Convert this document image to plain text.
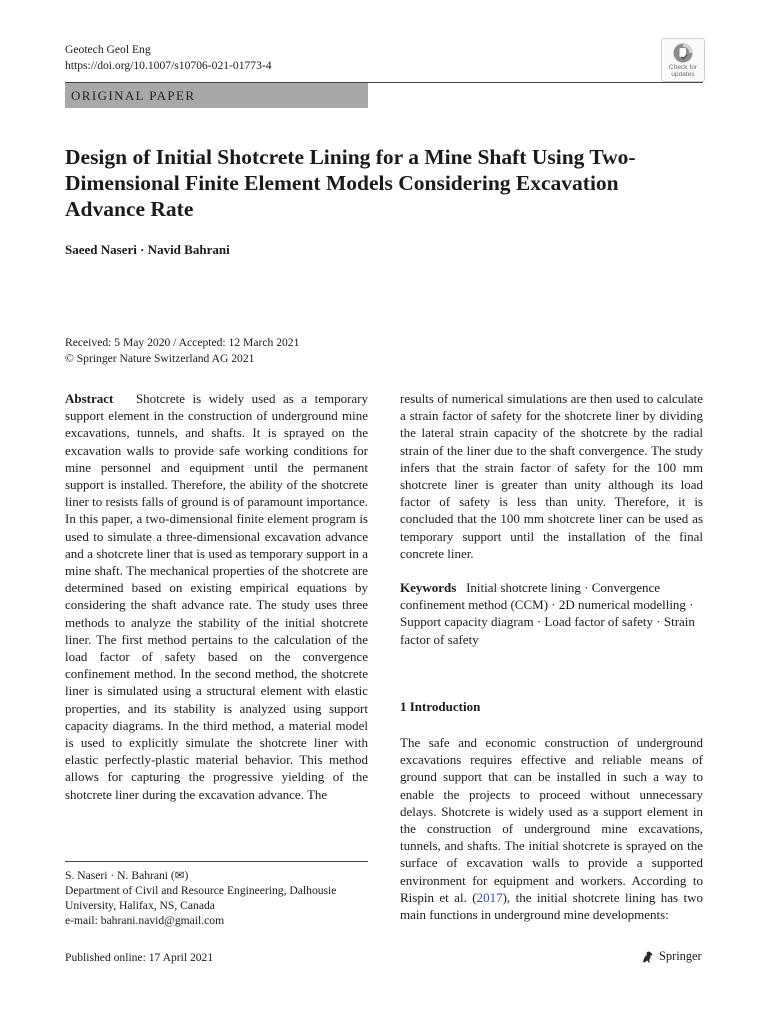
Geotech Geol Eng
https://doi.org/10.1007/s10706-021-01773-4	Check for
updates
ORIGINAL PAPER
Design of Initial Shotcrete Lining for a Mine Shaft Using Two-Dimensional Finite Element Models Considering Excavation Advance Rate
Saeed Naseri · Navid Bahrani
Received: 5 May 2020 / Accepted: 12 March 2021
© Springer Nature Switzerland AG 2021

Abstract Shotcrete is widely used as a temporary support element in the construction of underground mine excavations, tunnels, and shafts. It is sprayed on the excavation walls to provide safe working conditions for mine personnel and equipment until the permanent support is installed. Therefore, the ability of the shotcrete liner to resists falls of ground is of paramount importance. In this paper, a two-dimensional finite element program is used to simulate a three-dimensional excavation advance and a shotcrete liner that is used as temporary support in a mine shaft. The mechanical properties of the shotcrete are determined based on existing empirical equations by considering the shaft advance rate. The study uses three methods to analyze the stability of the initial shotcrete liner. The first method pertains to the calculation of the load factor of safety based on the convergence confinement method. In the second method, the shotcrete liner is simulated using a structural element with elastic properties, and its stability is analyzed using support capacity diagrams. In the third method, a material model is used to explicitly simulate the shotcrete liner with elastic perfectly-plastic material behavior. This method allows for capturing the progressive yielding of the shotcrete liner during the excavation advance. The

results of numerical simulations are then used to calculate a strain factor of safety for the shotcrete liner by dividing the lateral strain capacity of the shotcrete by the radial strain of the liner due to the shaft convergence. The study infers that the strain factor of safety for the 100 mm shotcrete liner is greater than unity although its load factor of safety is less than unity. Therefore, it is concluded that the 100 mm shotcrete liner can be used as temporary support until the installation of the final concrete liner.

Keywords Initial shotcrete lining · Convergence confinement method (CCM) · 2D numerical modelling · Support capacity diagram · Load factor of safety · Strain factor of safety

1 Introduction

The safe and economic construction of underground excavations requires effective and reliable means of ground support that can be installed in such a way to enable the projects to proceed without unnecessary delays. Shotcrete is widely used as a support element in the construction of underground mine excavations, tunnels, and shafts. The initial shotcrete is sprayed on the surface of excavation walls to provide a supported environment for equipment and workers. According to Rispin et al. (2017), the initial shotcrete lining has two main functions in underground mine developments:

S. Naseri · N. Bahrani (✉)
Department of Civil and Resource Engineering, Dalhousie
University, Halifax, NS, Canada
e-mail: bahrani.navid@gmail.com
Published online: 17 April 2021	Springer
